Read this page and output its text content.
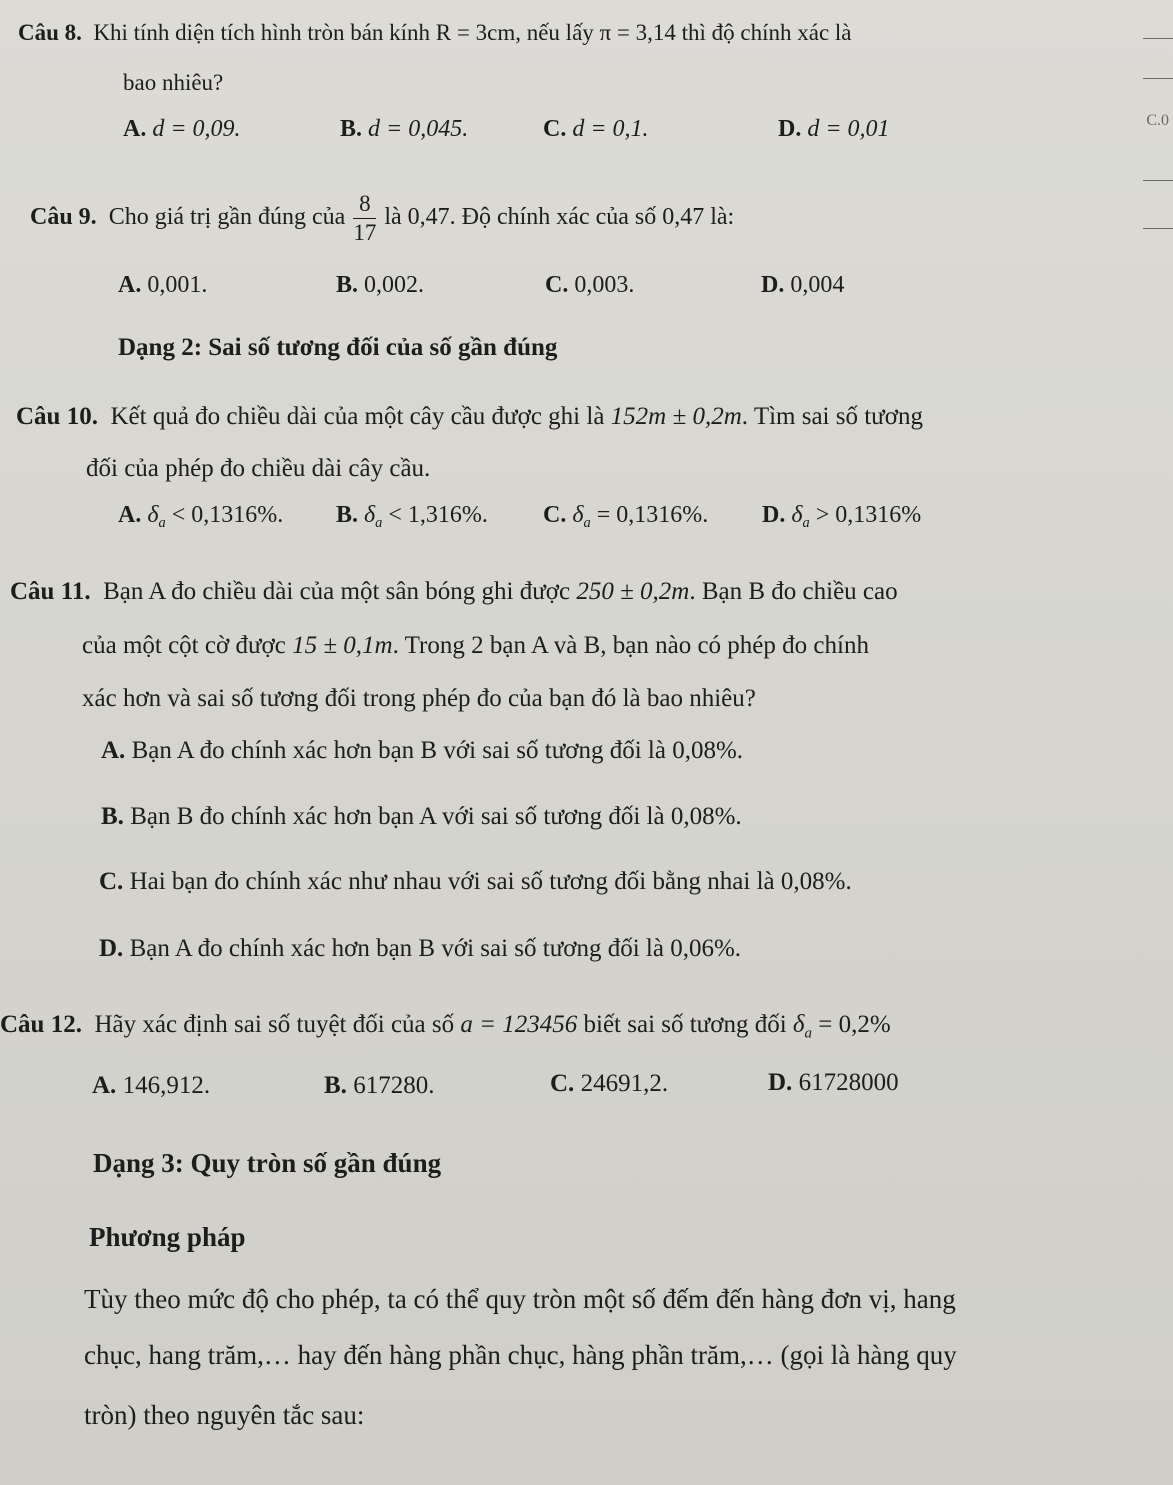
C.0
Câu 8. Khi tính diện tích hình tròn bán kính R = 3cm, nếu lấy π = 3,14 thì độ chính xác là
bao nhiêu?
A. d = 0,09.	B. d = 0,045.	C. d = 0,1.	D. d = 0,01
Câu 9. Cho giá trị gần đúng của $\frac{8}{17}$ là 0,47. Độ chính xác của số 0,47 là:
A. 0,001.	B. 0,002.	C. 0,003.	D. 0,004
Dạng 2: Sai số tương đối của số gần đúng
Câu 10. Kết quả đo chiều dài của một cây cầu được ghi là 152m ± 0,2m. Tìm sai số tương
đối của phép đo chiều dài cây cầu.
A. $\delta_a < 0,1316\%$. B. $\delta_a < 1,316\%$. C. $\delta_a = 0,1316\%$. D. $\delta_a > 0,1316\%$
Câu 11. Bạn A đo chiều dài của một sân bóng ghi được 250 ± 0,2m. Bạn B đo chiều cao
của một cột cờ được 15 ± 0,1m. Trong 2 bạn A và B, bạn nào có phép đo chính
xác hơn và sai số tương đối trong phép đo của bạn đó là bao nhiêu?
A. Bạn A đo chính xác hơn bạn B với sai số tương đối là 0,08%.
B. Bạn B đo chính xác hơn bạn A với sai số tương đối là 0,08%.
C. Hai bạn đo chính xác như nhau với sai số tương đối bằng nhai là 0,08%.
D. Bạn A đo chính xác hơn bạn B với sai số tương đối là 0,06%.
Câu 12. Hãy xác định sai số tuyệt đối của số a = 123456 biết sai số tương đối $\delta_a = 0,2\%$
A. 146,912.	B. 617280.	C. 24691,2.	D. 61728000
Dạng 3: Quy tròn số gần đúng
Phương pháp
Tùy theo mức độ cho phép, ta có thể quy tròn một số đếm đến hàng đơn vị, hang
chục, hang trăm,… hay đến hàng phần chục, hàng phần trăm,… (gọi là hàng quy
tròn) theo nguyên tắc sau:
